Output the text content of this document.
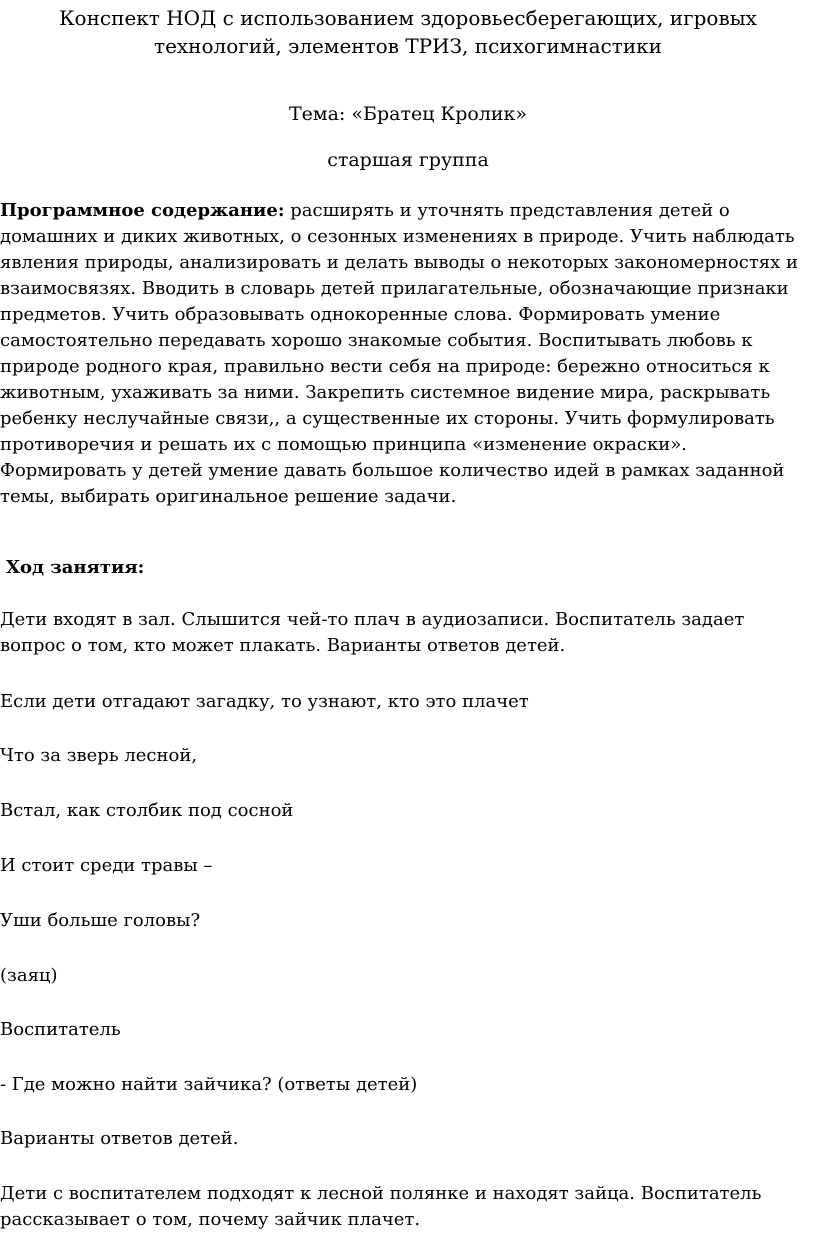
Конспект НОД с использованием здоровьесберегающих, игровых
технологий, элементов ТРИЗ, психогимнастики

Тема: «Братец Кролик»

старшая группа

Программное содержание: расширять и уточнять представления детей о домашних и диких животных, о сезонных изменениях в природе. Учить наблюдать явления природы, анализировать и делать выводы о некоторых закономерностях и взаимосвязях. Вводить в словарь детей прилагательные, обозначающие признаки предметов. Учить образовывать однокоренные слова. Формировать умение самостоятельно передавать хорошо знакомые события. Воспитывать любовь к природе родного края, правильно вести себя на природе: бережно относиться к животным, ухаживать за ними. Закрепить системное видение мира, раскрывать ребенку неслучайные связи,, а существенные их стороны. Учить формулировать противоречия и решать их с помощью принципа «изменение окраски». Формировать у детей умение давать большое количество идей в рамках заданной темы, выбирать оригинальное решение задачи.

Ход занятия:

Дети входят в зал. Слышится чей-то плач в аудиозаписи. Воспитатель задает вопрос о том, кто может плакать. Варианты ответов детей.

Если дети отгадают загадку, то узнают, кто это плачет

Что за зверь лесной,

Встал, как столбик под сосной

И стоит среди травы –

Уши больше головы?

(заяц)

Воспитатель

- Где можно найти зайчика? (ответы детей)

Варианты ответов детей.

Дети с воспитателем подходят к лесной полянке и находят зайца. Воспитатель рассказывает о том, почему зайчик плачет.
